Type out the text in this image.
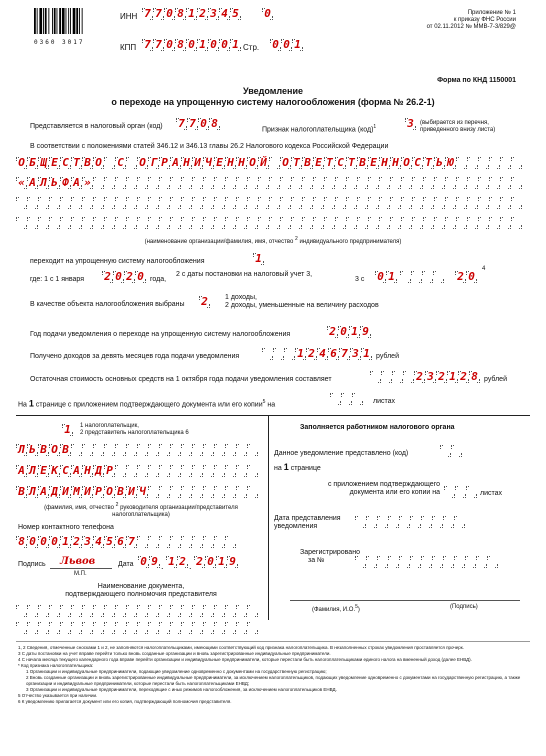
0360 3017
ИНН 7 7 0 8 1 2 3 4 5 0
КПП 7 7 0 8 0 1 0 0 1 Стр. 0 0 1
Приложение № 1
к приказу ФНС России
от 02.11.2012 № ММВ-7-3/829@
Форма по КНД 1150001
Уведомление
о переходе на упрощенную систему налогообложения (форма № 26.2-1)
Представляется в налоговый орган (код) 7 7 0 8	Признак налогоплательщика (код)$^1$	3	(выбирается из перечня,
приведенного внизу листа)
В соответствии с положениями статей 346.12 и 346.13 главы 26.2 Налогового кодекса Российской Федерации
О Б Щ Е С Т В О С О Г Р А Н И Ч Е Н Н О Й О Т В Е Т С Т В Е Н Н О С Т Ь Ю
« А Л Ь Ф А »
(наименование организации/фамилия, имя, отчество $^2$ индивидуального предпринимателя)
переходит на упрощенную систему налогообложения	1
где: 1 с 1 января 2 0 2 0 года,
2 с даты постановки на налоговый учет 3,
3 с 0 1	2 0
4
В качестве объекта налогообложения выбраны 2	1 доходы,
2 доходы, уменьшенные на величину расходов
Год подачи уведомления о переходе на упрощенную систему налогообложения	2 0 1 9
Получено доходов за девять месяцев года подачи уведомления	1 2 4 6 7 3 1 рублей
Остаточная стоимость основных средств на 1 октября года подачи уведомления составляет	2 3 2 1 2 8 рублей
На 1 странице с приложением подтверждающего документа или его копии$^5$ на	листах
1	1 налогоплательщик,
2 представитель налогоплательщика 6
Л Ь В О В
А Л Е К С А Н Д Р
В Л А Д И М И Р О В И Ч
(фамилия, имя, отчество $^2$ руководителя организации/представителя налогоплательщика)
Номер контактного телефона
8 0 0 0 1 2 3 4 5 6 7
Подпись Львов
М.П.
Дата 0 9 1 2 2 0 1 9
.	.
Наименование документа,
подтверждающего полномочия представителя
Заполняется работником налогового органа
Данное уведомление представлено (код)
на 1 странице
с приложением подтверждающего
документа или его копии на	листах
Дата представления
уведомления
Зарегистрировано
за №
(Фамилия, И.О.$^5$)	(Подпись)
1, 2 Сведения, отмеченные сносками 1 и 2, не заполняются налогоплательщиками, имеющими соответствующий код признака налогоплательщика. В незаполненных строках уведомления проставляется прочерк.
3 С даты постановки на учет вправе перейти только вновь созданные организации и вновь зарегистрированные индивидуальные предприниматели.
4 С начала месяца текущего календарного года вправе перейти организации и индивидуальные предприниматели, которые перестали быть налогоплательщиками единого налога на вмененный доход (далее ЕНВД).
* Код признака налогоплательщика:
1 Организации и индивидуальные предприниматели, подающие уведомление одновременно с документами на государственную регистрацию;
2 Вновь созданные организации и вновь зарегистрированные индивидуальные предприниматели, за исключением налогоплательщиков, подающих уведомление одновременно с документами на государственную регистрацию, а также организации и индивидуальные предприниматели, которые перестали быть налогоплательщиками ЕНВД;
3 Организации и индивидуальные предприниматели, переходящие с иных режимов налогообложения, за исключением налогоплательщиков ЕНВД.
5 Отчество указывается при наличии.
6 К уведомлению прилагается документ или его копия, подтверждающий полномочия представителя.
